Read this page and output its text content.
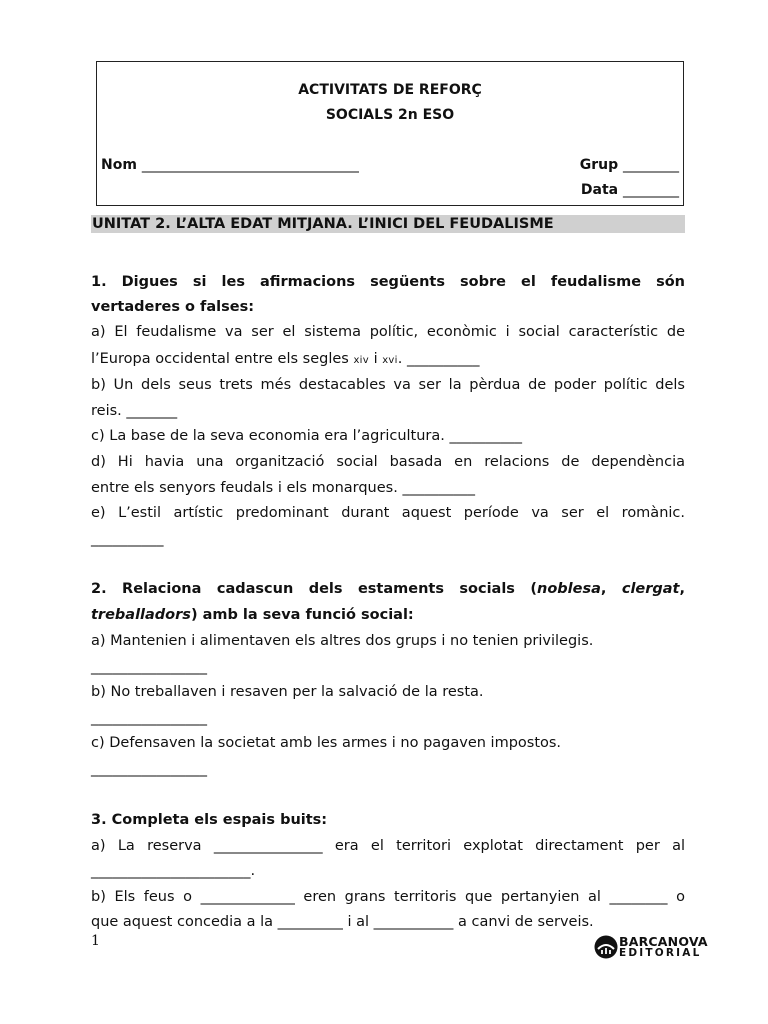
ACTIVITATS DE REFORÇ
SOCIALS 2n ESO
Nom _______________________________	Grup ________
Data ________
UNITAT 2. L’ALTA EDAT MITJANA. L’INICI DEL FEUDALISME
1. Digues si les afirmacions següents sobre el feudalisme són
vertaderes o falses:
a) El feudalisme va ser el sistema polític, econòmic i social característic de
l’Europa occidental entre els segles xiv i xvi. __________
b) Un dels seus trets més destacables va ser la pèrdua de poder polític dels
reis. _______
c) La base de la seva economia era l’agricultura. __________
d) Hi havia una organització social basada en relacions de dependència
entre els senyors feudals i els monarques. __________
e) L’estil artístic predominant durant aquest període va ser el romànic.
__________
2. Relaciona cadascun dels estaments socials (noblesa, clergat,
treballadors) amb la seva funció social:
a) Mantenien i alimentaven els altres dos grups i no tenien privilegis.
________________
b) No treballaven i resaven per la salvació de la resta.
________________
c) Defensaven la societat amb les armes i no pagaven impostos.
________________
3. Completa els espais buits:
a) La reserva _______________ era el territori explotat directament per al
______________________.
b) Els feus o _____________ eren grans territoris que pertanyien al ________ o
que aquest concedia a la _________ i al ___________ a canvi de serveis.
1	BARCANOVA
EDITORIAL
